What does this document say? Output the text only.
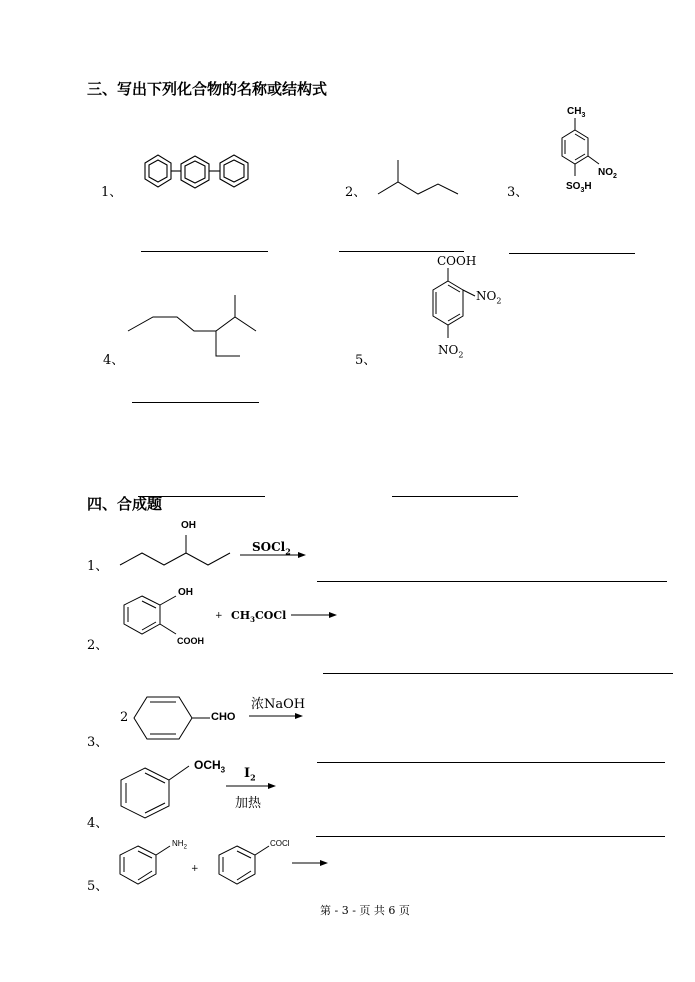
三、写出下列化合物的名称或结构式
1、	2、	3、
$CH_3$
$NO_2$
$SO_3H$
4、	5、
COOH
$NO_2$
$NO_2$
四、合成题
1、
OH
SOCl$_2$
2、
OH
COOH
+ $CH_3COCl$
3、
2	CHO
浓NaOH
4、
$OCH_3$ $I_2$
加热
5、
$NH_2$
+
COCl
第 - 3 - 页 共 6 页
